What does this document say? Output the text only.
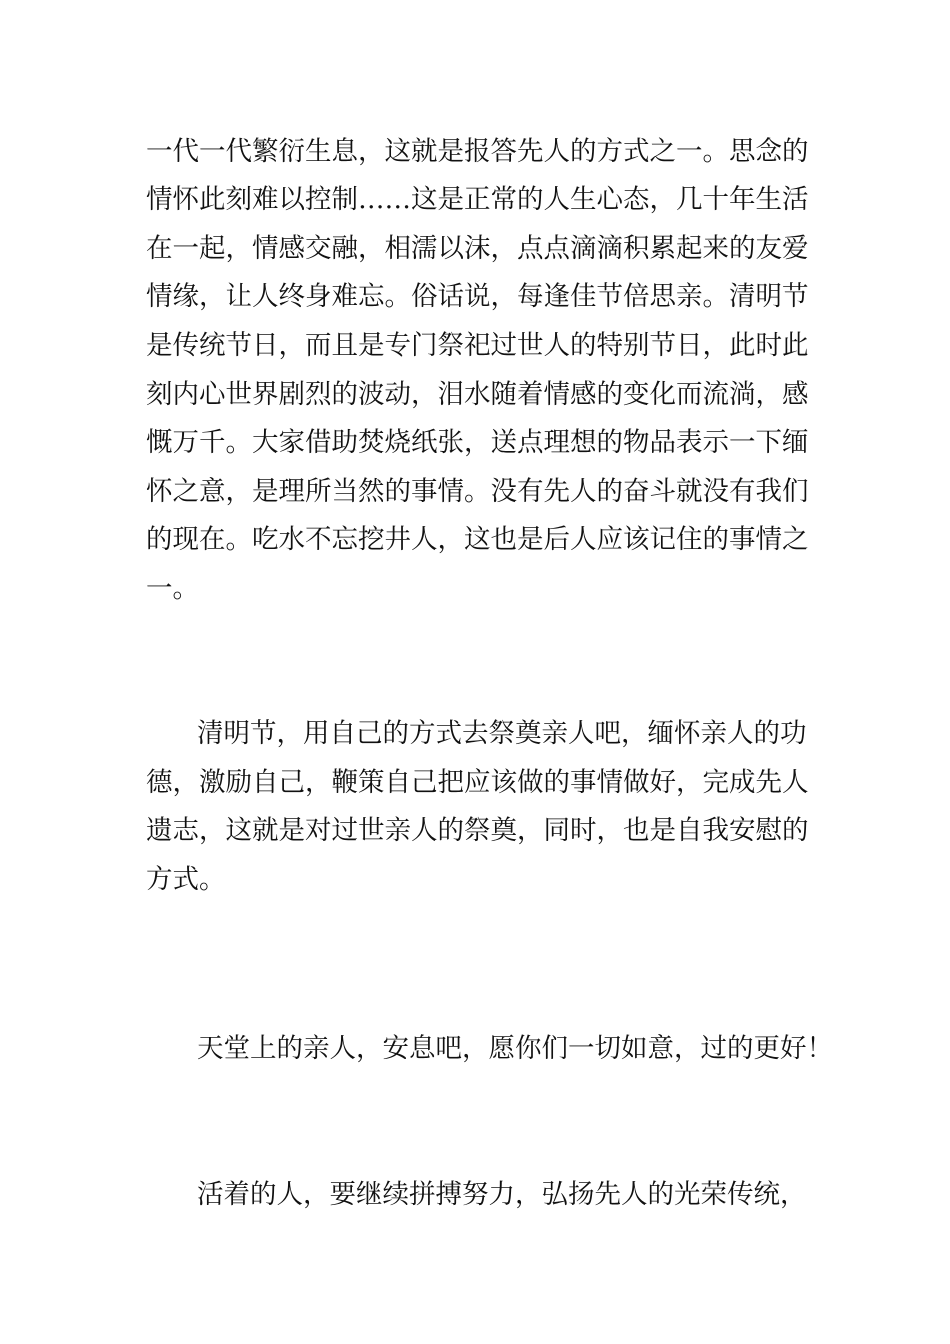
一代一代繁衍生息，这就是报答先人的方式之一。思念的
情怀此刻难以控制……这是正常的人生心态，几十年生活
在一起，情感交融，相濡以沫，点点滴滴积累起来的友爱
情缘，让人终身难忘。俗话说，每逢佳节倍思亲。清明节
是传统节日，而且是专门祭祀过世人的特别节日，此时此
刻内心世界剧烈的波动，泪水随着情感的变化而流淌，感
慨万千。大家借助焚烧纸张，送点理想的物品表示一下缅
怀之意，是理所当然的事情。没有先人的奋斗就没有我们
的现在。吃水不忘挖井人，这也是后人应该记住的事情之
一。
清明节，用自己的方式去祭奠亲人吧，缅怀亲人的功
德，激励自己，鞭策自己把应该做的事情做好，完成先人
遗志，这就是对过世亲人的祭奠，同时，也是自我安慰的
方式。
天堂上的亲人，安息吧，愿你们一切如意，过的更好！
活着的人，要继续拼搏努力，弘扬先人的光荣传统，
